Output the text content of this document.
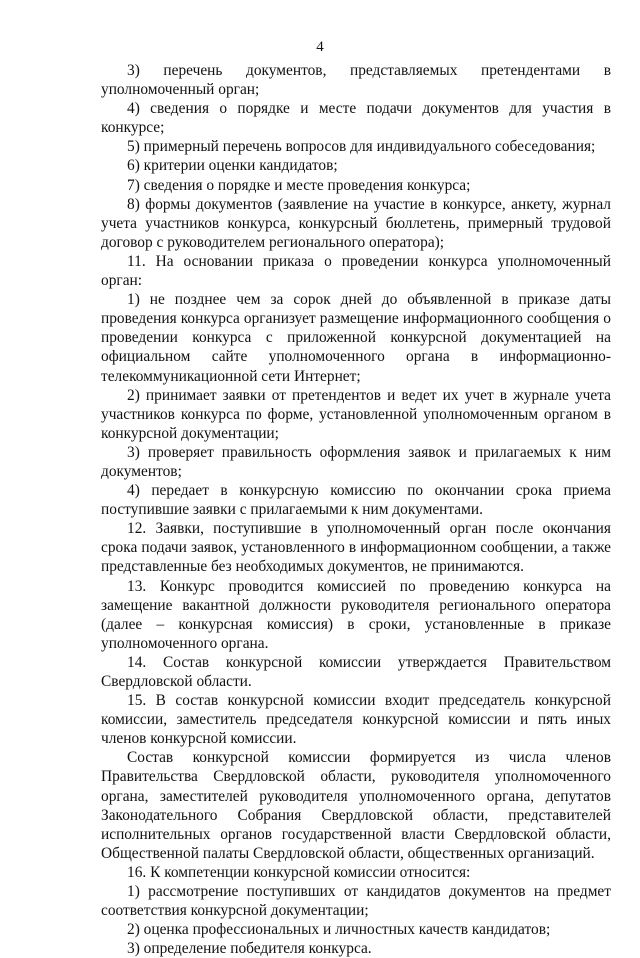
4

3) перечень документов, представляемых претендентами в уполномоченный орган;

4) сведения о порядке и месте подачи документов для участия в конкурсе;

5) примерный перечень вопросов для индивидуального собеседования;

6) критерии оценки кандидатов;

7) сведения о порядке и месте проведения конкурса;

8) формы документов (заявление на участие в конкурсе, анкету, журнал учета участников конкурса, конкурсный бюллетень, примерный трудовой договор с руководителем регионального оператора);

11. На основании приказа о проведении конкурса уполномоченный орган:

1) не позднее чем за сорок дней до объявленной в приказе даты проведения конкурса организует размещение информационного сообщения о проведении конкурса с приложенной конкурсной документацией на официальном сайте уполномоченного органа в информационно-телекоммуникационной сети Интернет;

2) принимает заявки от претендентов и ведет их учет в журнале учета участников конкурса по форме, установленной уполномоченным органом в конкурсной документации;

3) проверяет правильность оформления заявок и прилагаемых к ним документов;

4) передает в конкурсную комиссию по окончании срока приема поступившие заявки с прилагаемыми к ним документами.

12. Заявки, поступившие в уполномоченный орган после окончания срока подачи заявок, установленного в информационном сообщении, а также представленные без необходимых документов, не принимаются.

13. Конкурс проводится комиссией по проведению конкурса на замещение вакантной должности руководителя регионального оператора (далее – конкурсная комиссия) в сроки, установленные в приказе уполномоченного органа.

14. Состав конкурсной комиссии утверждается Правительством Свердловской области.

15. В состав конкурсной комиссии входит председатель конкурсной комиссии, заместитель председателя конкурсной комиссии и пять иных членов конкурсной комиссии.

Состав конкурсной комиссии формируется из числа членов Правительства Свердловской области, руководителя уполномоченного органа, заместителей руководителя уполномоченного органа, депутатов Законодательного Собрания Свердловской области, представителей исполнительных органов государственной власти Свердловской области, Общественной палаты Свердловской области, общественных организаций.

16. К компетенции конкурсной комиссии относится:

1) рассмотрение поступивших от кандидатов документов на предмет соответствия конкурсной документации;

2) оценка профессиональных и личностных качеств кандидатов;

3) определение победителя конкурса.
